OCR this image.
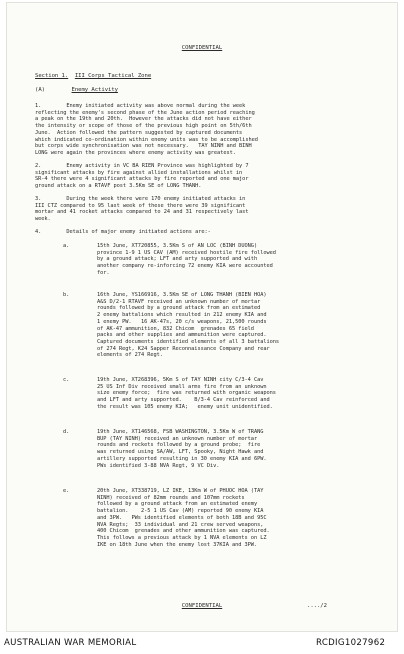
CONFIDENTIAL
Section 1. III Corps Tactical Zone
(A)	Enemy Activity
1.        Enemy initiated activity was above normal during the week
reflecting the enemy's second phase of the June action period reaching
a peak on the 19th and 20th.  However the attacks did not have either
the intensity or scope of those of the previous high point on 5th/6th
June.  Action followed the pattern suggested by captured documents
which indicated co-ordination within enemy units was to be accomplished
but corps wide synchronisation was not necessary.   TAY NINH and BINH
LONG were again the provinces where enemy activity was greatest.
2.        Enemy activity in VC BA RIEN Province was highlighted by 7
significant attacks by fire against allied installations whilst in
SR-4 there were 4 significant attacks by fire reported and one major
ground attack on a RTAVF post 3.5Km SE of LONG THANH.
3.        During the week there were 170 enemy initiated attacks in
III CTZ compared to 95 last week of these there were 39 significant
mortar and 41 rocket attacks compared to 24 and 31 respectively last
week.
4.        Details of major enemy initiated actions are:-
a.	15th June, XT720855, 3.5Km S of AN LOC (BINH DUONG)
province 1-9 1 US CAV (AM) received hostile fire followed
by a ground attack; LFT and arty supported and with
another company re-inforcing 72 enemy KIA were accounted
for.
b.	16th June, YS166916, 3.5Km SE of LONG THANH (BIEN HOA)
A&S D/2-1 RTAVF received an unknown number of mortar
rounds followed by a ground attack from an estimated
2 enemy battalions which resulted in 212 enemy KIA and
1 enemy PW.   16 AK-47s, 20 c/s weapons, 21,500 rounds
of AK-47 ammunition, 832 Chicom  grenades 65 field
packs and other supplies and ammunition were captured.
Captured documents identified elements of all 3 battalions
of 274 Regt, K24 Sapper Reconnaissance Company and rear
elements of 274 Regt.
c.	19th June, XT268396, 5Km S of TAY NINH city C/3-4 Cav
25 US Inf Div received small arms fire from an unknown
size enemy force;  fire was returned with organic weapons
and LFT and arty supported.    B/3-4 Cav reinforced and
the result was 105 enemy KIA;   enemy unit unidentified.
d.	19th June, XT146568, FSB WASHINGTON, 3.5Km W of TRANG
BUP (TAY NINH) received an unknown number of mortar
rounds and rockets followed by a ground probe;  fire
was returned using SA/AW, LFT, Spooky, Night Hawk and
artillery supported resulting in 30 enemy KIA and 6PW.
PWs identified 3-88 NVA Regt, 9 VC Div.
e.	20th June, XT338719, LZ IKE, 13Km W of PHUOC HOA (TAY
NINH) received of 82mm rounds and 107mm rockets
followed by a ground attack from an estimated enemy
battalion.    2-5 1 US Cav (AM) reported 90 enemy KIA
and 3PW.   PWs identified elements of both 18B and 95C
NVA Regts;  33 individual and 21 crew served weapons,
400 Chicom  grenades and other ammunition was captured.
This follows a previous attack by 1 NVA elements on LZ
IKE on 18th June when the enemy lost 37KIA and 3PW.
CONFIDENTIAL	..../2
AUSTRALIAN WAR MEMORIAL	RCDIG1027962
